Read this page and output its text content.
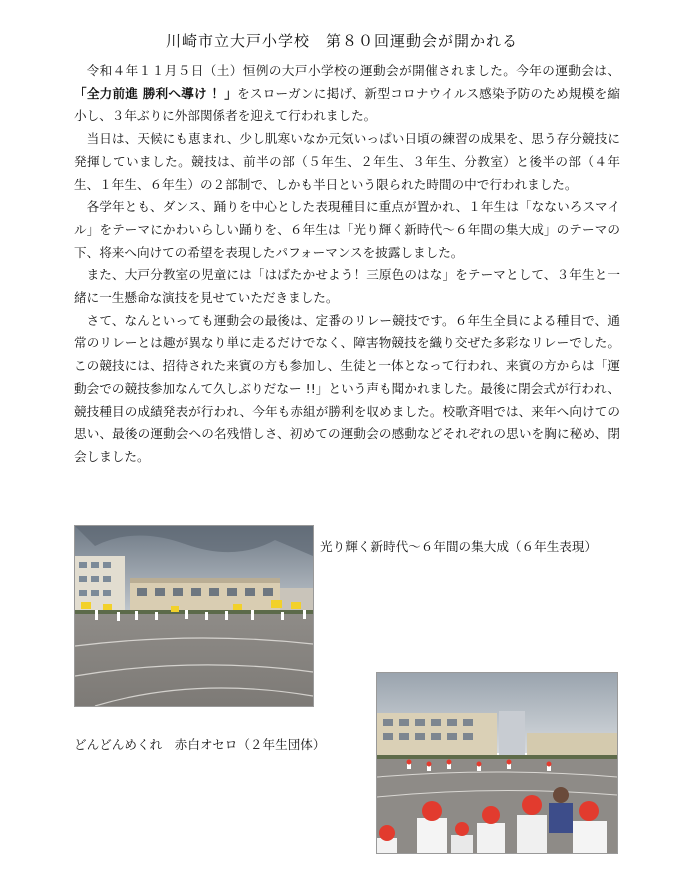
川崎市立大戸小学校　第８０回運動会が開かれる

令和４年１１月５日（土）恒例の大戸小学校の運動会が開催されました。今年の運動会は、「全力前進 勝利へ導け ！」をスローガンに掲げ、新型コロナウイルス感染予防のため規模を縮小し、３年ぶりに外部関係者を迎えて行われました。

当日は、天候にも恵まれ、少し肌寒いなか元気いっぱい日頃の練習の成果を、思う存分競技に発揮していました。競技は、前半の部（５年生、２年生、３年生、分教室）と後半の部（４年生、１年生、６年生）の２部制で、しかも半日という限られた時間の中で行われました。

各学年とも、ダンス、踊りを中心とした表現種目に重点が置かれ、１年生は「なないろスマイル」をテーマにかわいらしい踊りを、６年生は「光り輝く新時代～６年間の集大成」のテーマの下、将来へ向けての希望を表現したパフォーマンスを披露しました。

また、大戸分教室の児童には「はばたかせよう！三原色のはな」をテーマとして、３年生と一緒に一生懸命な演技を見せていただきました。

さて、なんといっても運動会の最後は、定番のリレー競技です。６年生全員による種目で、通常のリレーとは趣が異なり単に走るだけでなく、障害物競技を織り交ぜた多彩なリレーでした。この競技には、招待された来賓の方も参加し、生徒と一体となって行われ、来賓の方からは「運動会での競技参加なんて久しぶりだなー !!」という声も聞かれました。最後に閉会式が行われ、競技種目の成績発表が行われ、今年も赤組が勝利を収めました。校歌斉唱では、来年へ向けての思い、最後の運動会への名残惜しさ、初めての運動会の感動などそれぞれの思いを胸に秘め、閉会しました。

光り輝く新時代～６年間の集大成（６年生表現）
どんどんめくれ　赤白オセロ（２年生団体）
